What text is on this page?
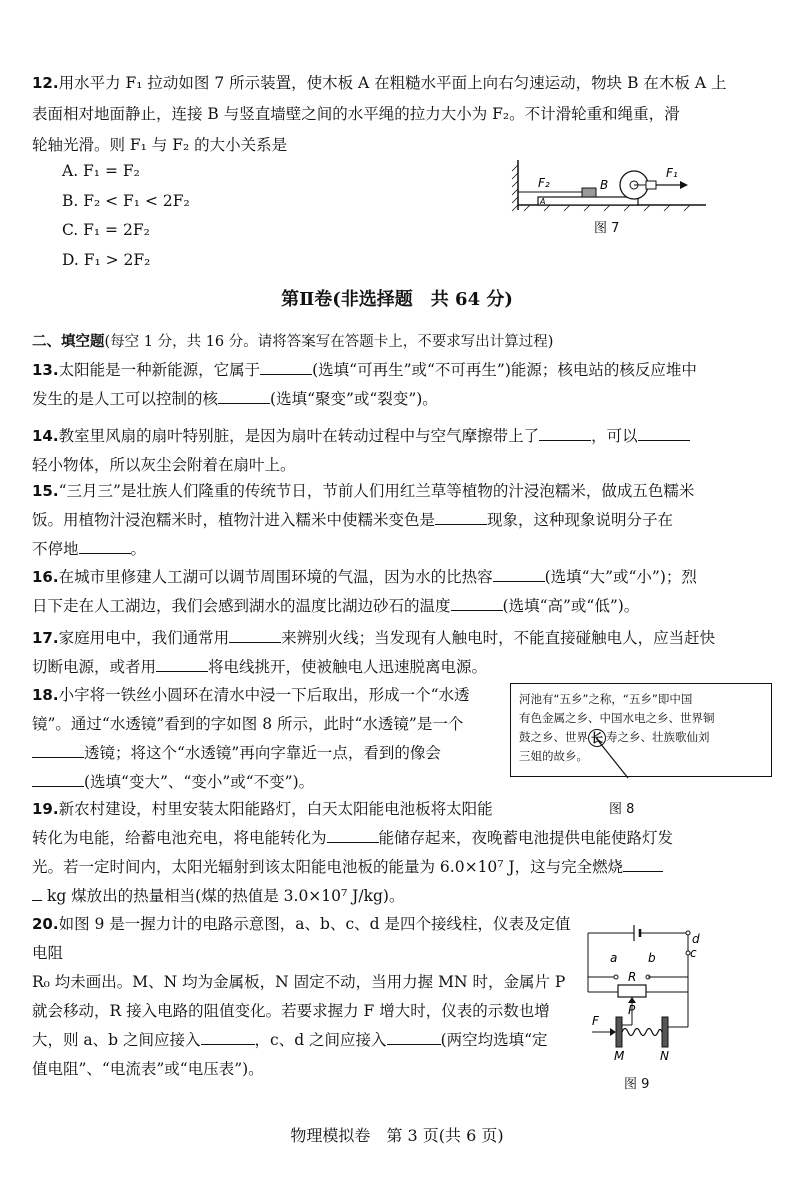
12.用水平力 F₁ 拉动如图 7 所示装置，使木板 A 在粗糙水平面上向右匀速运动，物块 B 在木板 A 上
表面相对地面静止，连接 B 与竖直墙壁之间的水平绳的拉力大小为 F₂。不计滑轮重和绳重，滑
轮轴光滑。则 F₁ 与 F₂ 的大小关系是
A. F₁ = F₂
B. F₂ < F₁ < 2F₂
C. F₁ = 2F₂
D. F₁ > 2F₂
F₂	B
A
F₁
图 7
第Ⅱ卷(非选择题　共 64 分)
二、填空题(每空 1 分，共 16 分。请将答案写在答题卡上，不要求写出计算过程)
13.太阳能是一种新能源，它属于	(选填“可再生”或“不可再生”)能源；核电站的核反应堆中
发生的是人工可以控制的核	(选填“聚变”或“裂变”)。
14.教室里风扇的扇叶特别脏，是因为扇叶在转动过程中与空气摩擦带上了	，可以
轻小物体，所以灰尘会附着在扇叶上。
15.“三月三”是壮族人们隆重的传统节日，节前人们用红兰草等植物的汁浸泡糯米，做成五色糯米
饭。用植物汁浸泡糯米时，植物汁进入糯米中使糯米变色是	现象，这种现象说明分子在
不停地	。
16.在城市里修建人工湖可以调节周围环境的气温，因为水的比热容	(选填“大”或“小”)；烈
日下走在人工湖边，我们会感到湖水的温度比湖边砂石的温度	(选填“高”或“低”)。
17.家庭用电中，我们通常用	来辨别火线；当发现有人触电时，不能直接碰触电人，应当赶快
切断电源，或者用	将电线挑开，使被触电人迅速脱离电源。
18.小宇将一铁丝小圆环在清水中浸一下后取出，形成一个“水透
镜”。通过“水透镜”看到的字如图 8 所示，此时“水透镜”是一个
透镜；将这个“水透镜”再向字靠近一点，看到的像会
(选填“变大”、“变小”或“不变”)。
河池有“五乡”之称，“五乡”即中国
有色金属之乡、中国水电之乡、世界铜
鼓之乡、世界 长 寿之乡、壮族歌仙刘
三姐的故乡。
图 8
19.新农村建设，村里安装太阳能路灯，白天太阳能电池板将太阳能
转化为电能，给蓄电池充电，将电能转化为	能储存起来，夜晚蓄电池提供电能使路灯发
光。若一定时间内，太阳光辐射到该太阳能电池板的能量为 6.0×10⁷ J，这与完全燃烧
kg 煤放出的热量相当(煤的热值是 3.0×10⁷ J/kg)。
20.如图 9 是一握力计的电路示意图，a、b、c、d 是四个接线柱，仪表及定值电阻
R₀ 均未画出。M、N 均为金属板，N 固定不动，当用力握 MN 时，金属片 P
就会移动，R 接入电路的阻值变化。若要求握力 F 增大时，仪表的示数也增
大，则 a、b 之间应接入	，c、d 之间应接入	(两空均选填“定
值电阻”、“电流表”或“电压表”)。
d
a	b	c
R
P
F
M	N
图 9
物理模拟卷　第 3 页(共 6 页)
